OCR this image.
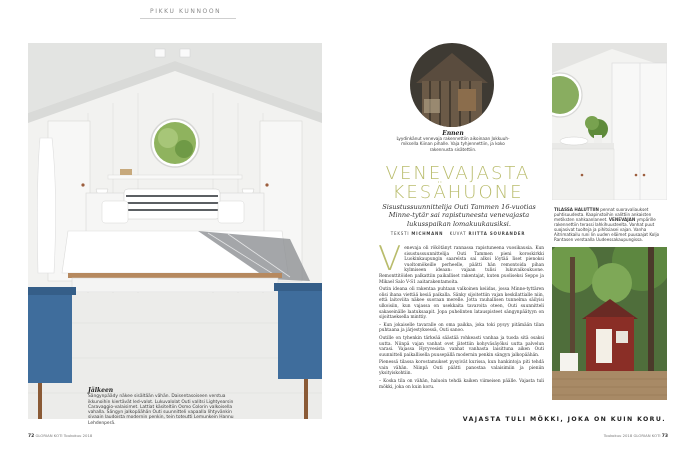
PIKKU KUNNOON
Jälkeen
Sängynpäädy näkee sisältään vähän. Daisentasoiseen verstua ikkunoihin kiertävät led-valot. Lukuvalolat Outi valitsi Lightyearsin Caravaggio-valaisimet. Lattiat käsiteltiin Osmo Colorin valkoisella vahalla. Sängyn jalkopäähän Outi suunnitteli vapaalla lihtyvänkin sivaain laudoista modernin penkin, tein toteutti Lemunkein Hannu Lehdenperä.
Ennen
Lyydinkänut venevaja rakennettiin aikoinaan Jokkuuh-miksella Kiinan pihalle. Vaja tyhjennettiin, ja koko rakennusta sisätettiin.
VENEVAJASTA
KESÄHUONE
Sisustussuunnittelija Outi Tammen 16-vuotias Minne-tytär sai rapistuneesta venevajasta lukusspaikan lomakuukausiksi.
TEKSTI MICHMANN KUVAT RIITTA SOURANDER
V enevaja oli rökötänyt rannassa rapistuneena vuosikausia. Kun sisustussuunnittelija Outi Tammen pieni koroskirkki Luokinkaupungin saarelsta sai alkoi löytää Iiset pienoksi vuoltomökeille perheelle, päätti hän remontoida pihan kylmiseen ideaan: vajaan tulisi lukuvaikoukuone. Remonttitöiden palkattiin paikalliset rakentajat, kuten puoliseksi Seppo ja Mikael Salo V-S1 aaitarakentamoita.

Outin ideana oli rakentaa puhtaan valkoinen keiidas, jossa Minne-tyttären olisi ihana viettää kesiä paikalla. Sänky sijoitettiin vajan keskilattialle niin, että laitoviita näkee suoraan merelle. Jotta rauhallisen tunnelma säilyisi ulkoisiin, kun vajassa on usekkaita tavaroita oteen, Outi suunnitteli sakaseinälle laatuksaapit. Jopa puhelinten latauspisteet sängynpäätyyn on sijoittaeksella minttiy.

– Kun jokaiselle tavaralle on oma paikka, joka toki pysyy pitämään tilan puhtaana ja järjestyksessä, Outi sanoo.

Outille on tyhenkin tärkeää säästää rohkeasti vanhaa ja tuoda sitä osaksi uutta. Niinpä vajan vanhat ovet jätettiin kohyväsäyöksi uutta palvelun varasi. Vajassa Hyryvesista vanhat vanhasta laisittuna aiken Outi suunnitteli paikallisella puusepällä modernin penkin sängyn jalkopäähän.

Pienessä tilassa korostamukset pysyivät kurissa, kun hankintoja piti tehdä vain vähän. Niinpä Outi päätti panostaa valaisimiin ja pieniin yksityiskohtiin.

– Koska tila on vähän, haluoin tehdä kaiken viimeisen päälle. Vajasta tuli mökki, joka on kuin koru.

TILASSA HALUTTIIN pennat suoravaliaukset puhtisuudesta. Kaapinstoihin valittiin ankaisten metiksten nahkaanlaneet. VENEVAJAN ympärille rakennettiin terassi lahkihuusteelta. Vanhat puut suojasivat tuolteja ja pihitsiasei vajan. Vanha Aitrimatkailu runi lin uuden eläimet puusaajat Koljo Rantasen verstaalla Uudeessakaupungissa.
VAJASTA TULI MÖKKI, JOKA ON KUIN KORU.
72 GLORIAN KOTI Toukokuu 2018	Toukokuu 2018 GLORIAN KOTI 73
